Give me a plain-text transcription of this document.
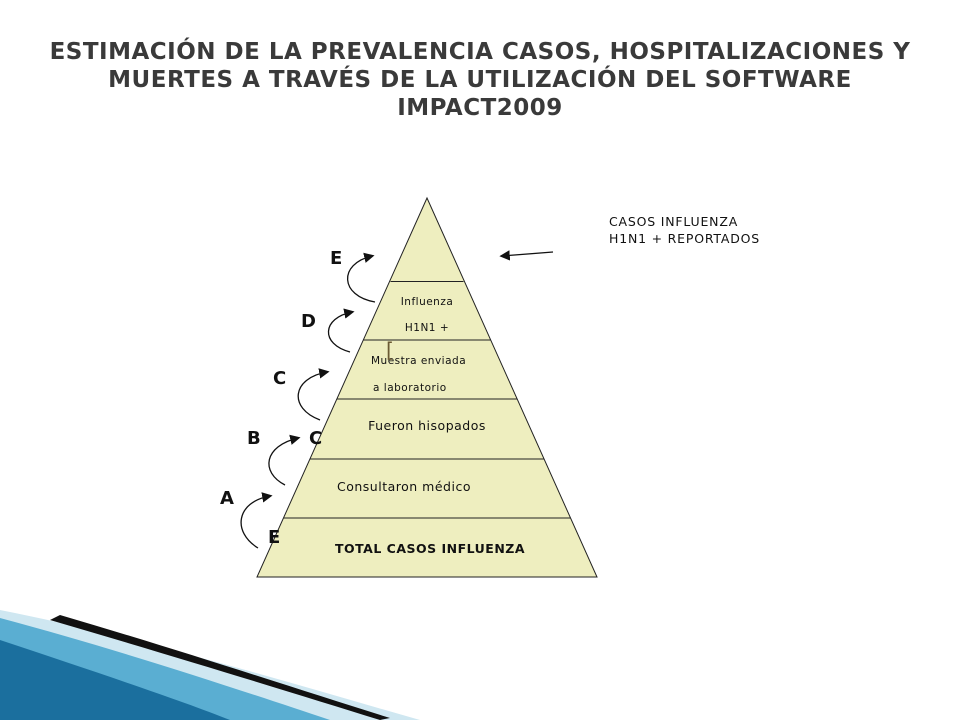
ESTIMACIÓN DE LA PREVALENCIA CASOS, HOSPITALIZACIONES Y MUERTES A TRAVÉS DE LA UTILIZACIÓN DEL SOFTWARE IMPACT2009
Influenza
H1N1 +
Muestra enviada
a laboratorio
Fueron hisopados
Consultaron médico
TOTAL CASOS INFLUENZA
E
D
C
B
A
[
C
E
CASOS INFLUENZA
H1N1 + REPORTADOS
